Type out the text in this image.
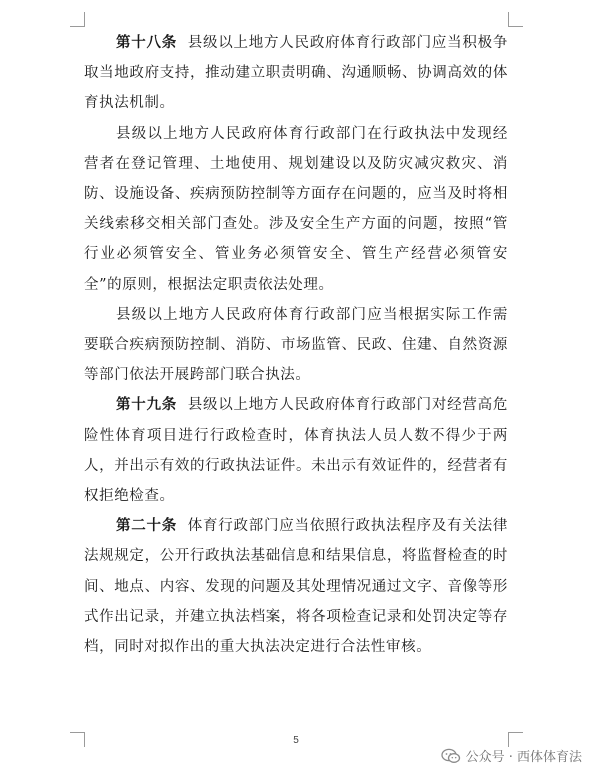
第十八条 县级以上地方人民政府体育行政部门应当积极争取当地政府支持，推动建立职责明确、沟通顺畅、协调高效的体育执法机制。

县级以上地方人民政府体育行政部门在行政执法中发现经营者在登记管理、土地使用、规划建设以及防灾减灾救灾、消防、设施设备、疾病预防控制等方面存在问题的，应当及时将相关线索移交相关部门查处。涉及安全生产方面的问题，按照“管行业必须管安全、管业务必须管安全、管生产经营必须管安全”的原则，根据法定职责依法处理。

县级以上地方人民政府体育行政部门应当根据实际工作需要联合疾病预防控制、消防、市场监管、民政、住建、自然资源等部门依法开展跨部门联合执法。

第十九条 县级以上地方人民政府体育行政部门对经营高危险性体育项目进行行政检查时，体育执法人员人数不得少于两人，并出示有效的行政执法证件。未出示有效证件的，经营者有权拒绝检查。

第二十条 体育行政部门应当依照行政执法程序及有关法律法规规定，公开行政执法基础信息和结果信息，将监督检查的时间、地点、内容、发现的问题及其处理情况通过文字、音像等形式作出记录，并建立执法档案，将各项检查记录和处罚决定等存档，同时对拟作出的重大执法决定进行合法性审核。

5
公众号 · 西体体育法
